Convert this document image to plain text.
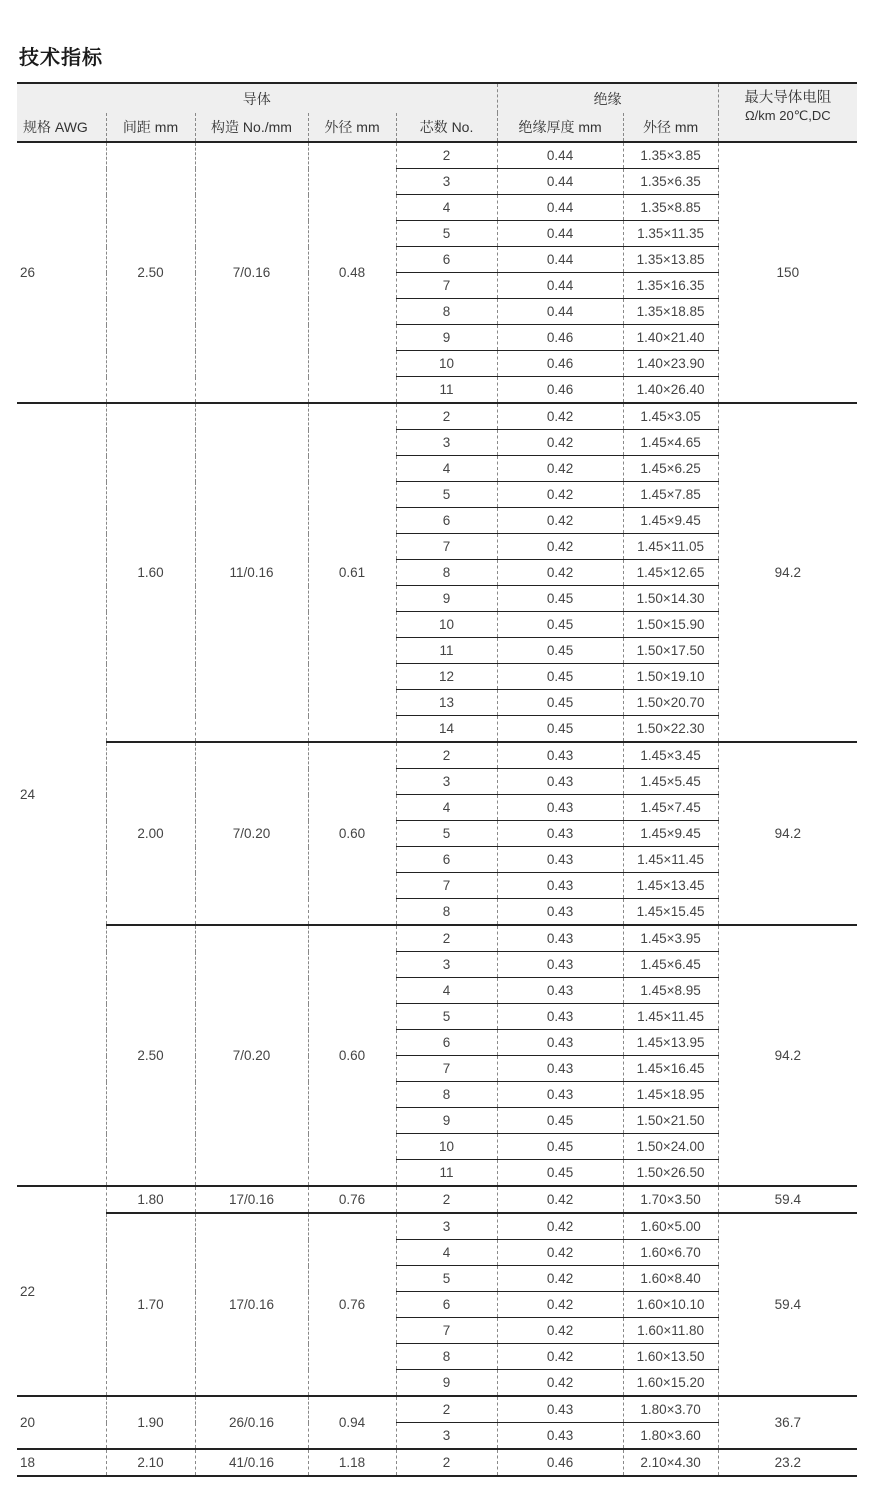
技术指标
导体					绝缘		最大导体电阻
Ω/km 20℃,DC

规格 AWG	间距 mm	构造 No./mm	外径 mm	芯数 No.	绝缘厚度 mm	外径 mm	
26	2.50	7/0.16	0.48	2	0.44	1.35×3.85	150
				3	0.44	1.35×6.35	
				4	0.44	1.35×8.85	
				5	0.44	1.35×11.35	
				6	0.44	1.35×13.85	
				7	0.44	1.35×16.35	
				8	0.44	1.35×18.85	
				9	0.46	1.40×21.40	
				10	0.46	1.40×23.90	
				11	0.46	1.40×26.40	
24	1.60	11/0.16	0.61	2	0.42	1.45×3.05	94.2
				3	0.42	1.45×4.65	
				4	0.42	1.45×6.25	
				5	0.42	1.45×7.85	
				6	0.42	1.45×9.45	
				7	0.42	1.45×11.05	
				8	0.42	1.45×12.65	
				9	0.45	1.50×14.30	
				10	0.45	1.50×15.90	
				11	0.45	1.50×17.50	
				12	0.45	1.50×19.10	
				13	0.45	1.50×20.70	
				14	0.45	1.50×22.30	
	2.00	7/0.20	0.60	2	0.43	1.45×3.45	94.2
				3	0.43	1.45×5.45	
				4	0.43	1.45×7.45	
				5	0.43	1.45×9.45	
				6	0.43	1.45×11.45	
				7	0.43	1.45×13.45	
				8	0.43	1.45×15.45	
	2.50	7/0.20	0.60	2	0.43	1.45×3.95	94.2
				3	0.43	1.45×6.45	
				4	0.43	1.45×8.95	
				5	0.43	1.45×11.45	
				6	0.43	1.45×13.95	
				7	0.43	1.45×16.45	
				8	0.43	1.45×18.95	
				9	0.45	1.50×21.50	
				10	0.45	1.50×24.00	
				11	0.45	1.50×26.50	
22	1.80	17/0.16	0.76	2	0.42	1.70×3.50	59.4
	1.70	17/0.16	0.76	3	0.42	1.60×5.00	59.4
				4	0.42	1.60×6.70	
				5	0.42	1.60×8.40	
				6	0.42	1.60×10.10	
				7	0.42	1.60×11.80	
				8	0.42	1.60×13.50	
				9	0.42	1.60×15.20	
20	1.90	26/0.16	0.94	2	0.43	1.80×3.70	36.7
				3	0.43	1.80×3.60	
18	2.10	41/0.16	1.18	2	0.46	2.10×4.30	23.2
